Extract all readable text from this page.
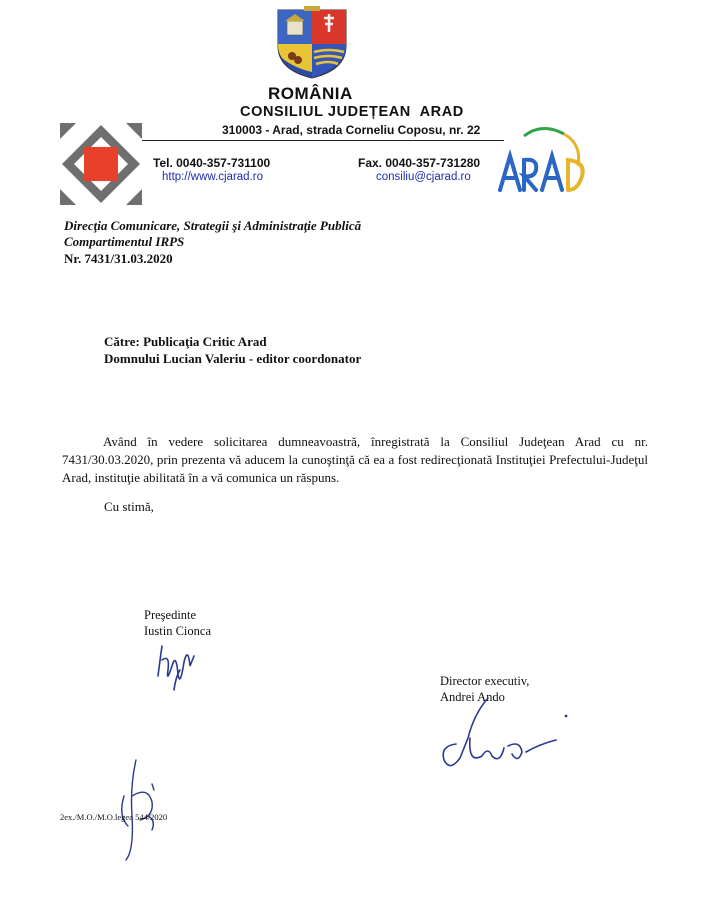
ROMÂNIA
CONSILIUL JUDEȚEAN  ARAD
310003 - Arad, strada Corneliu Coposu, nr. 22
Tel. 0040-357-731100	Fax. 0040-357-731280
http://www.cjarad.ro	consiliu@cjarad.ro
ARAD
Direcţia Comunicare, Strategii şi Administraţie Publică
Compartimentul IRPS
Nr. 7431/31.03.2020
Către: Publicaţia Critic Arad
Domnului Lucian Valeriu - editor coordonator
Având în vedere solicitarea dumneavoastră, înregistrată la Consiliul Judeţean Arad cu nr. 7431/30.03.2020, prin prezenta vă aducem la cunoştinţă că ea a fost redirecţionată Instituţiei Prefectului-Judeţul Arad, instituţie abilitată în a vă comunica un răspuns.
Cu stimă,
Preşedinte
Iustin Cionca
Director executiv,
Andrei Ando
2ex./M.O./M.O.legea 544/2020
